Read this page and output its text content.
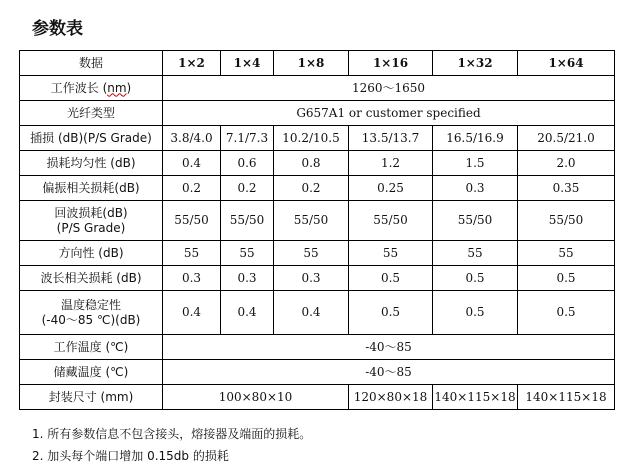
参数表
数据	1×2	1×4	1×8	1×16	1×32	1×64
工作波长 (nm)	1260～1650					
光纤类型	G657A1 or customer specified					
插损 (dB)(P/S Grade)	3.8/4.0	7.1/7.3	10.2/10.5	13.5/13.7	16.5/16.9	20.5/21.0
损耗均匀性 (dB)	0.4	0.6	0.8	1.2	1.5	2.0
偏振相关损耗(dB)	0.2	0.2	0.2	0.25	0.3	0.35

回波损耗(dB)
(P/S Grade)	55/50	55/50	55/50	55/50	55/50	55/50
方向性 (dB)	55	55	55	55	55	55
波长相关损耗 (dB)	0.3	0.3	0.3	0.5	0.5	0.5

温度稳定性
(-40～85 ℃)(dB)	0.4	0.4	0.4	0.5	0.5	0.5
工作温度 (℃)	-40～85					
储藏温度 (℃)	-40～85					
封装尺寸 (mm)	100×80×10			120×80×18	140×115×18	140×115×18
1. 所有参数信息不包含接头，熔接器及端面的损耗。
2. 加头每个端口增加 0.15db 的损耗
